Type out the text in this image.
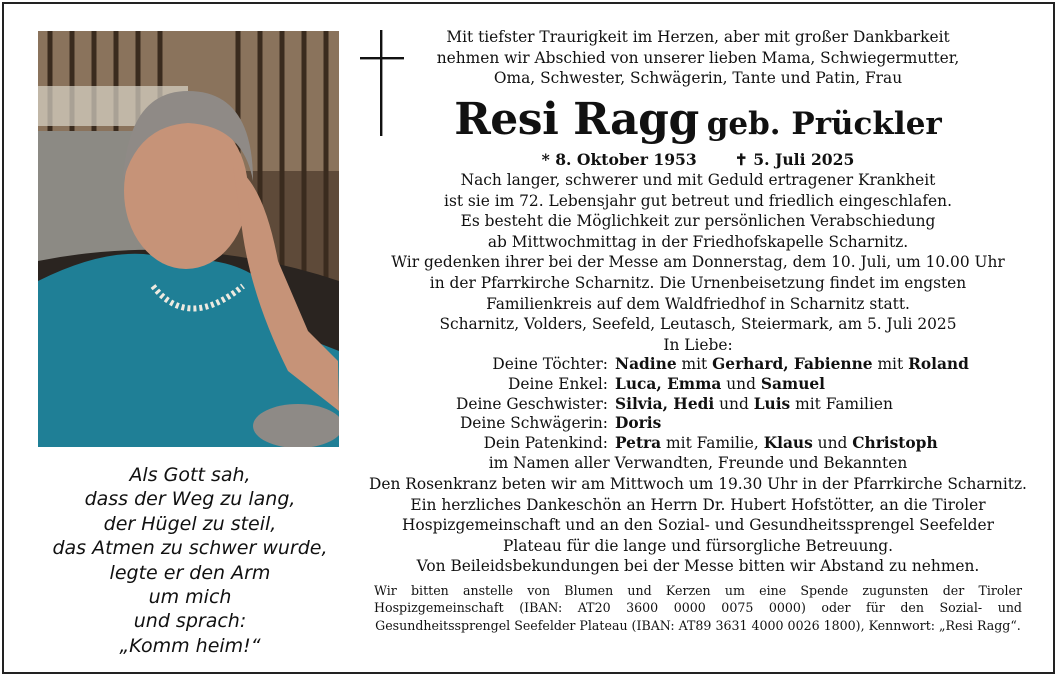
Als Gott sah,
dass der Weg zu lang,
der Hügel zu steil,
das Atmen zu schwer wurde,
legte er den Arm
um mich
und sprach:
„Komm heim!“
Mit tiefster Traurigkeit im Herzen, aber mit großer Dankbarkeit
nehmen wir Abschied von unserer lieben Mama, Schwiegermutter,
Oma, Schwester, Schwägerin, Tante und Patin, Frau
Resi Ragg geb. Prückler
* 8. Oktober 1953 ✝ 5. Juli 2025
Nach langer, schwerer und mit Geduld ertragener Krankheit
ist sie im 72. Lebensjahr gut betreut und friedlich eingeschlafen.
Es besteht die Möglichkeit zur persönlichen Verabschiedung
ab Mittwochmittag in der Friedhofskapelle Scharnitz.
Wir gedenken ihrer bei der Messe am Donnerstag, dem 10. Juli, um 10.00 Uhr
in der Pfarrkirche Scharnitz. Die Urnenbeisetzung findet im engsten
Familienkreis auf dem Waldfriedhof in Scharnitz statt.
Scharnitz, Volders, Seefeld, Leutasch, Steiermark, am 5. Juli 2025
In Liebe:
Deine Töchter:	Nadine mit Gerhard, Fabienne mit Roland
Deine Enkel:	Luca, Emma und Samuel
Deine Geschwister:	Silvia, Hedi und Luis mit Familien
Deine Schwägerin:	Doris
Dein Patenkind:	Petra mit Familie, Klaus und Christoph
im Namen aller Verwandten, Freunde und Bekannten
Den Rosenkranz beten wir am Mittwoch um 19.30 Uhr in der Pfarrkirche Scharnitz.
Ein herzliches Dankeschön an Herrn Dr. Hubert Hofstötter, an die Tiroler
Hospizgemeinschaft und an den Sozial- und Gesundheitssprengel Seefelder
Plateau für die lange und fürsorgliche Betreuung.
Von Beileidsbekundungen bei der Messe bitten wir Abstand zu nehmen.
Wir bitten anstelle von Blumen und Kerzen um eine Spende zugunsten der Tiroler Hospizgemeinschaft (IBAN: AT20 3600 0000 0075 0000) oder für den Sozial- und Gesundheitssprengel Seefelder Plateau (IBAN: AT89 3631 4000 0026 1800), Kennwort: „Resi Ragg“.
